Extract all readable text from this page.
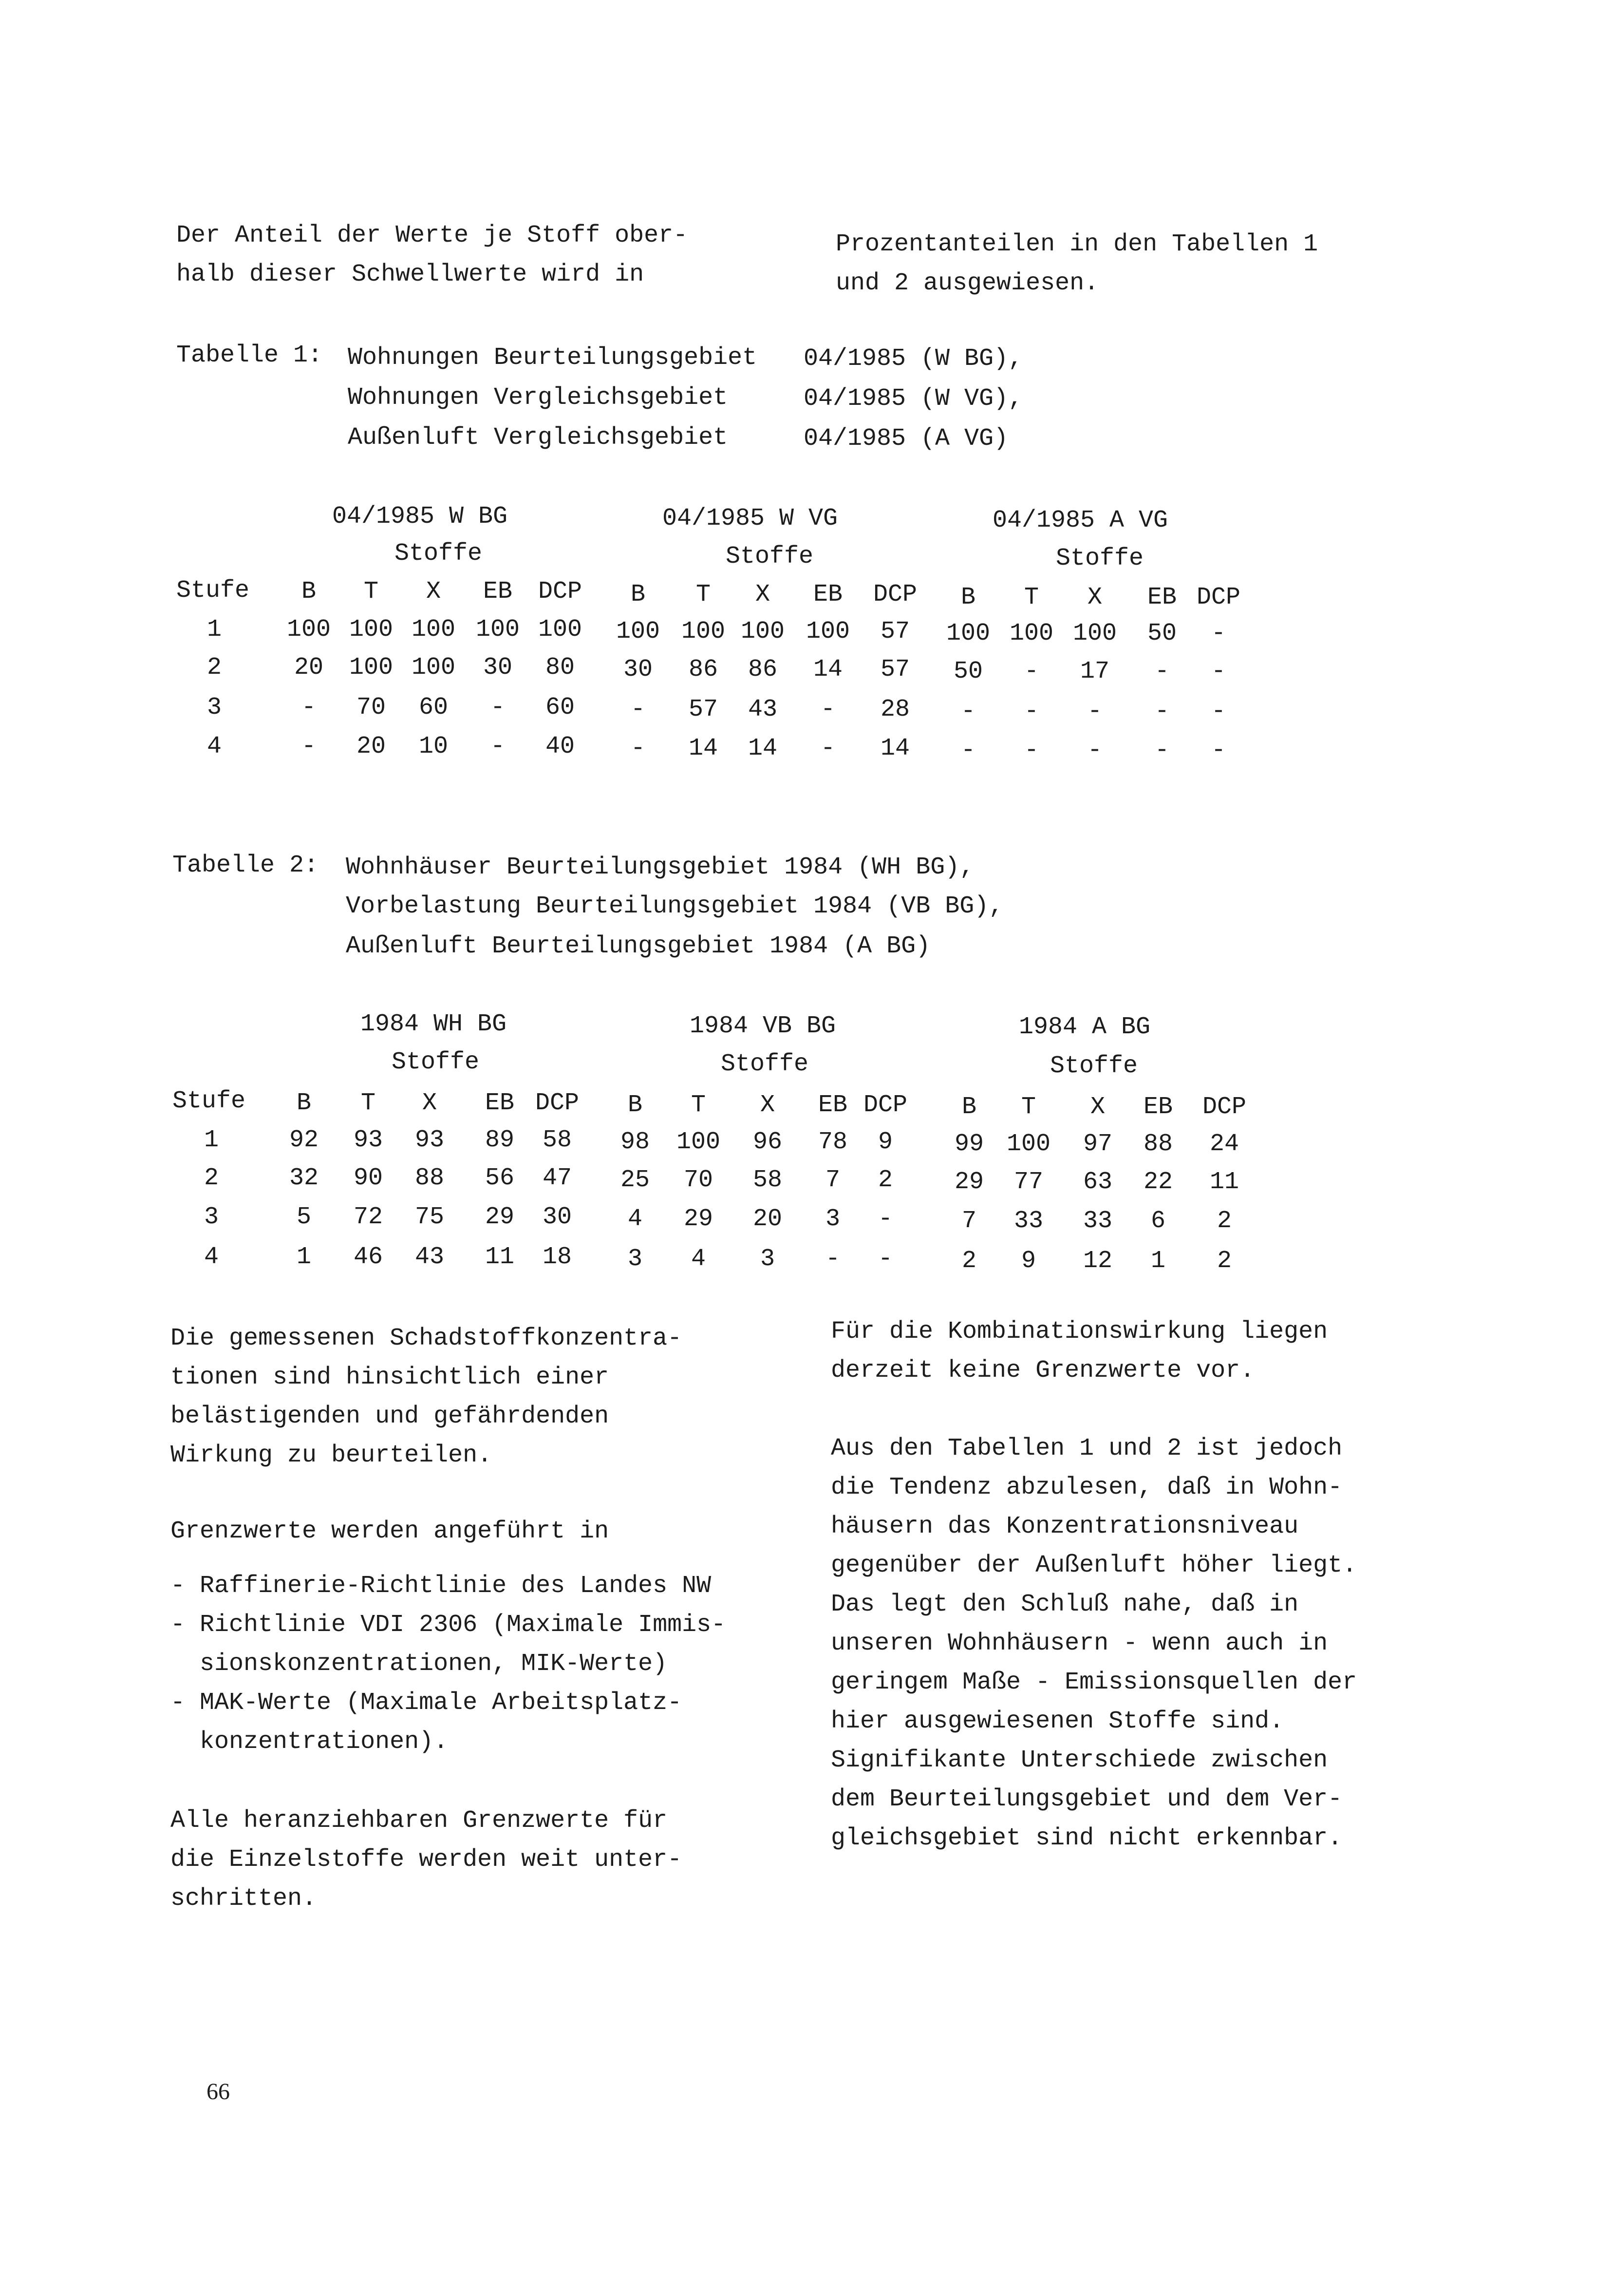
Der Anteil der Werte je Stoff ober-
halb dieser Schwellwerte wird in
Prozentanteilen in den Tabellen 1
und 2 ausgewiesen.
Tabelle 1: Wohnungen Beurteilungsgebiet 04/1985 (W BG),
Wohnungen Vergleichsgebiet	04/1985 (W VG),
Außenluft Vergleichsgebiet	04/1985 (A VG)
04/1985 W BG	04/1985 W VG	04/1985 A VG
Stoffe	Stoffe	Stoffe
Stufe B T X EB DCP B T X EB DCP B T X EB DCP
1	100 100 100 100 100 100 100 100 100 57 100 100 100 50 -
2	20 100 100 30 80 30 86 86 14 57 50 - 17 - -
3	- 70 60 - 60 - 57 43 - 28 - - - - -
4	- 20 10 - 40 - 14 14 - 14 - - - - -
Tabelle 2: Wohnhäuser Beurteilungsgebiet 1984 (WH BG),
Vorbelastung Beurteilungsgebiet 1984 (VB BG),
Außenluft Beurteilungsgebiet 1984 (A BG)
1984 WH BG	1984 VB BG	1984 A BG
Stoffe	Stoffe	Stoffe
Stufe B T X EB DCP B T X EB DCP B T X EB DCP
1	92 93 93 89 58 98 100 96 78 9	99 100 97 88 24
2	32 90 88 56 47 25 70 58 7 2	29 77 63 22 11
3	5 72 75 29 30 4 29 20 3 -	7 33 33 6 2
4	1 46 43 11 18 3 4 3 - -	2 9 12 1 2
Die gemessenen Schadstoffkonzentra-
tionen sind hinsichtlich einer
belästigenden und gefährdenden
Wirkung zu beurteilen.
Grenzwerte werden angeführt in
- Raffinerie-Richtlinie des Landes NW
- Richtlinie VDI 2306 (Maximale Immis-
sionskonzentrationen, MIK-Werte)
- MAK-Werte (Maximale Arbeitsplatz-
konzentrationen).
Alle heranziehbaren Grenzwerte für
die Einzelstoffe werden weit unter-
schritten.
Für die Kombinationswirkung liegen
derzeit keine Grenzwerte vor.
Aus den Tabellen 1 und 2 ist jedoch
die Tendenz abzulesen, daß in Wohn-
häusern das Konzentrationsniveau
gegenüber der Außenluft höher liegt.
Das legt den Schluß nahe, daß in
unseren Wohnhäusern - wenn auch in
geringem Maße - Emissionsquellen der
hier ausgewiesenen Stoffe sind.
Signifikante Unterschiede zwischen
dem Beurteilungsgebiet und dem Ver-
gleichsgebiet sind nicht erkennbar.
66
